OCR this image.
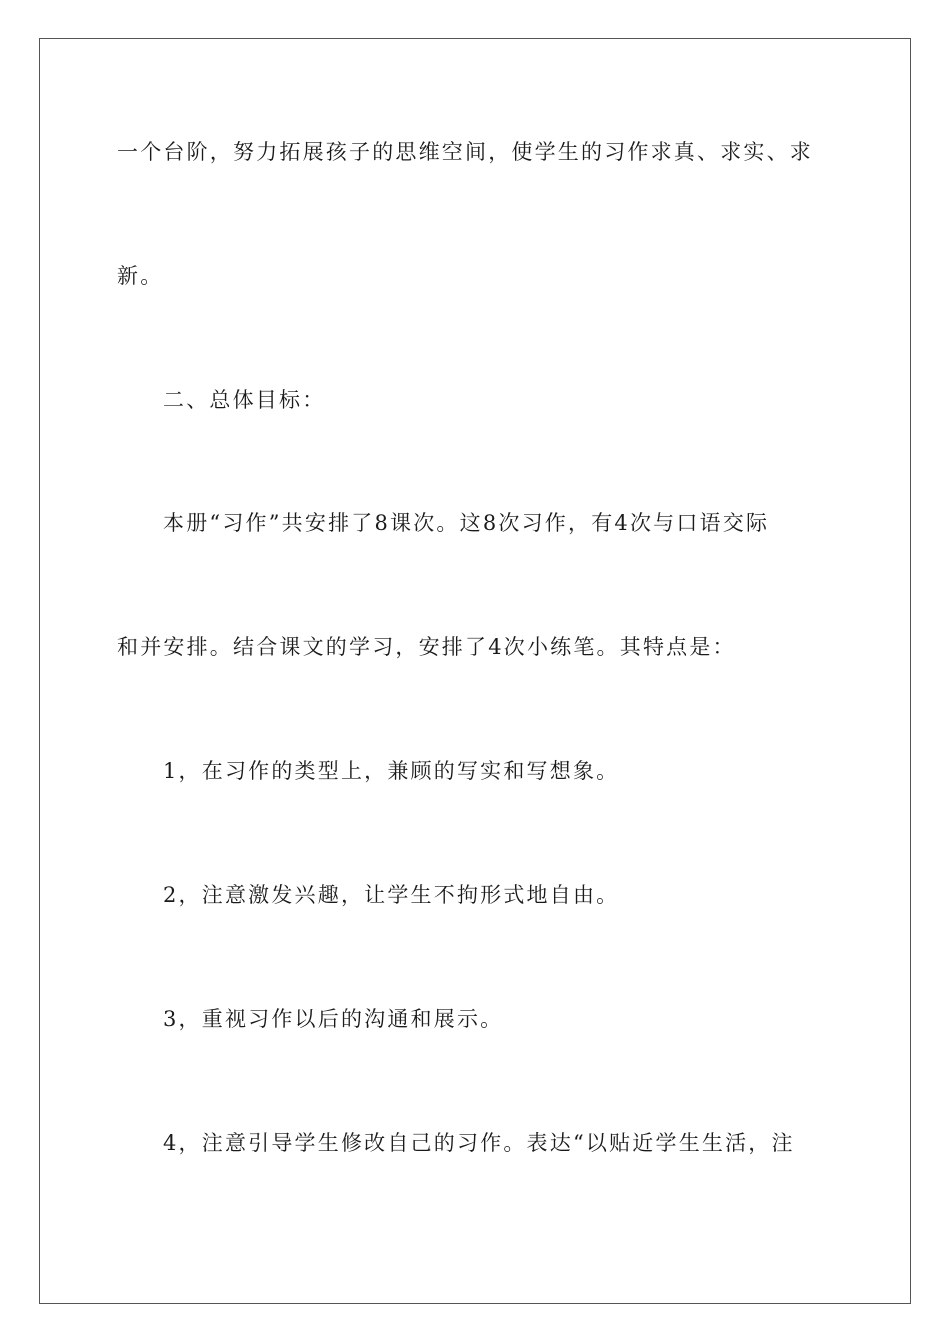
一个台阶，努力拓展孩子的思维空间，使学生的习作求真、求实、求
新。
二、总体目标：
本册“习作”共安排了8课次。这8次习作，有4次与口语交际
和并安排。结合课文的学习，安排了4次小练笔。其特点是：
1，在习作的类型上，兼顾的写实和写想象。
2，注意激发兴趣，让学生不拘形式地自由。
3，重视习作以后的沟通和展示。
4，注意引导学生修改自己的习作。表达“以贴近学生生活，注
